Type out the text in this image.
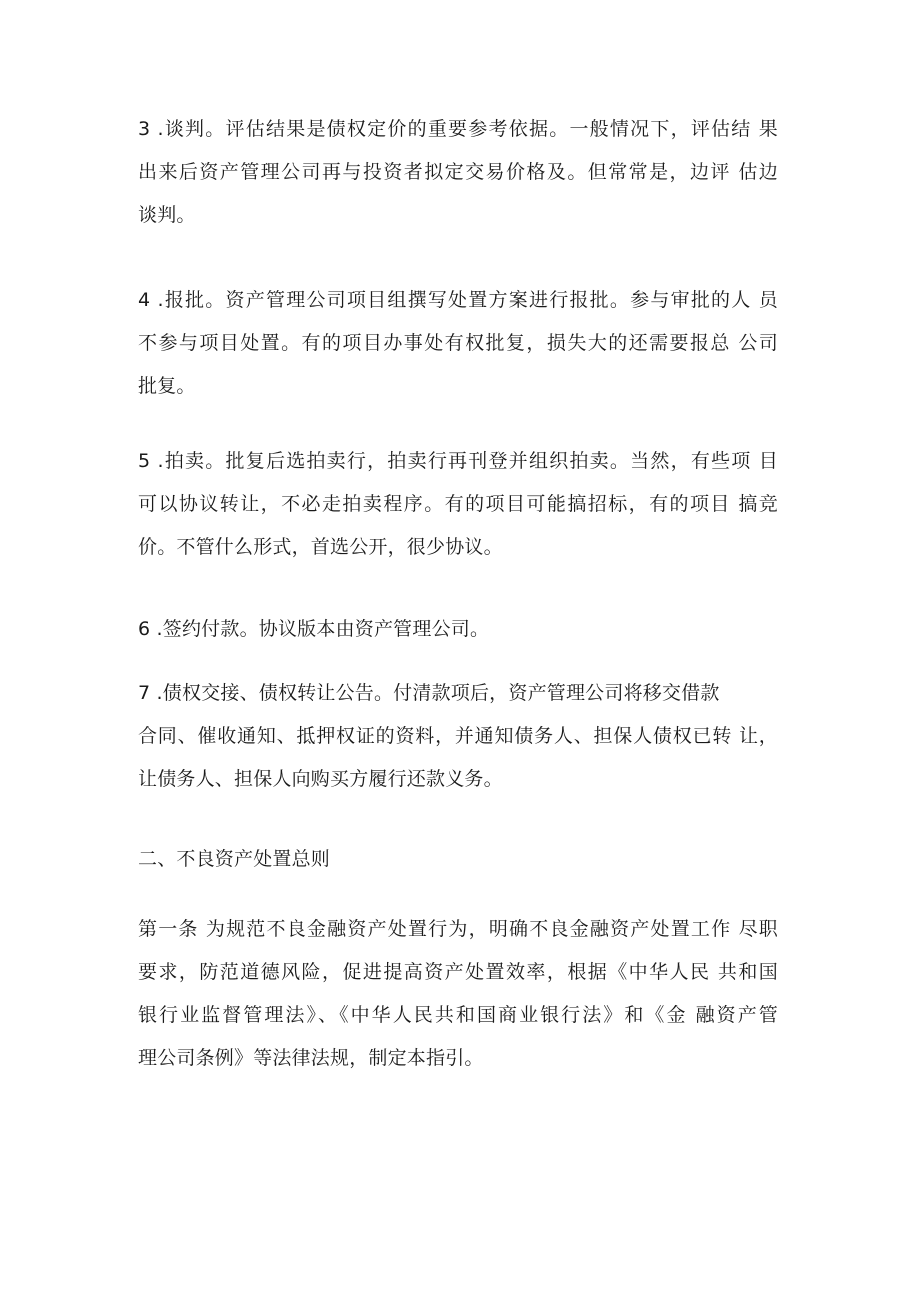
3 .谈判。评估结果是债权定价的重要参考依据。一般情况下，评估结 果
出来后资产管理公司再与投资者拟定交易价格及。但常常是，边评 估边
谈判。

4 .报批。资产管理公司项目组撰写处置方案进行报批。参与审批的人 员
不参与项目处置。有的项目办事处有权批复，损失大的还需要报总 公司
批复。

5 .拍卖。批复后选拍卖行，拍卖行再刊登并组织拍卖。当然，有些项 目
可以协议转让，不必走拍卖程序。有的项目可能搞招标，有的项目 搞竞
价。不管什么形式，首选公开，很少协议。

6 .签约付款。协议版本由资产管理公司。

7 .债权交接、债权转让公告。付清款项后，资产管理公司将移交借款
合同、催收通知、抵押权证的资料，并通知债务人、担保人债权已转 让，
让债务人、担保人向购买方履行还款义务。

二、不良资产处置总则

第一条 为规范不良金融资产处置行为，明确不良金融资产处置工作 尽职
要求，防范道德风险，促进提高资产处置效率，根据《中华人民 共和国
银行业监督管理法》、《中华人民共和国商业银行法》和《金 融资产管
理公司条例》等法律法规，制定本指引。
